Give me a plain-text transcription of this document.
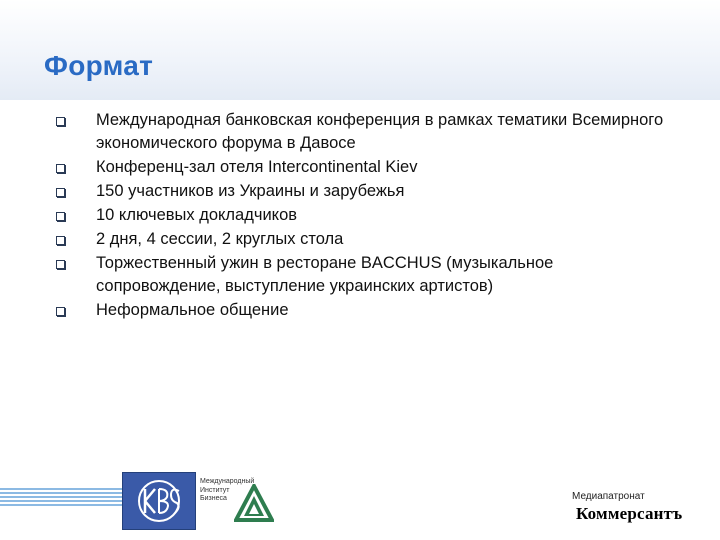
Формат
Международная банковская конференция в рамках тематики Всемирного экономического форума в Давосе
Конференц-зал отеля Intercontinental Kiev
150 участников из Украины и зарубежья
10 ключевых докладчиков
2 дня, 4 сессии, 2 круглых стола
Торжественный ужин в ресторане BACCHUS (музыкальное сопровождение, выступление украинских артистов)
Неформальное общение
Международный
Институт
Бизнеса	Медиапатронат
Коммерсантъ
